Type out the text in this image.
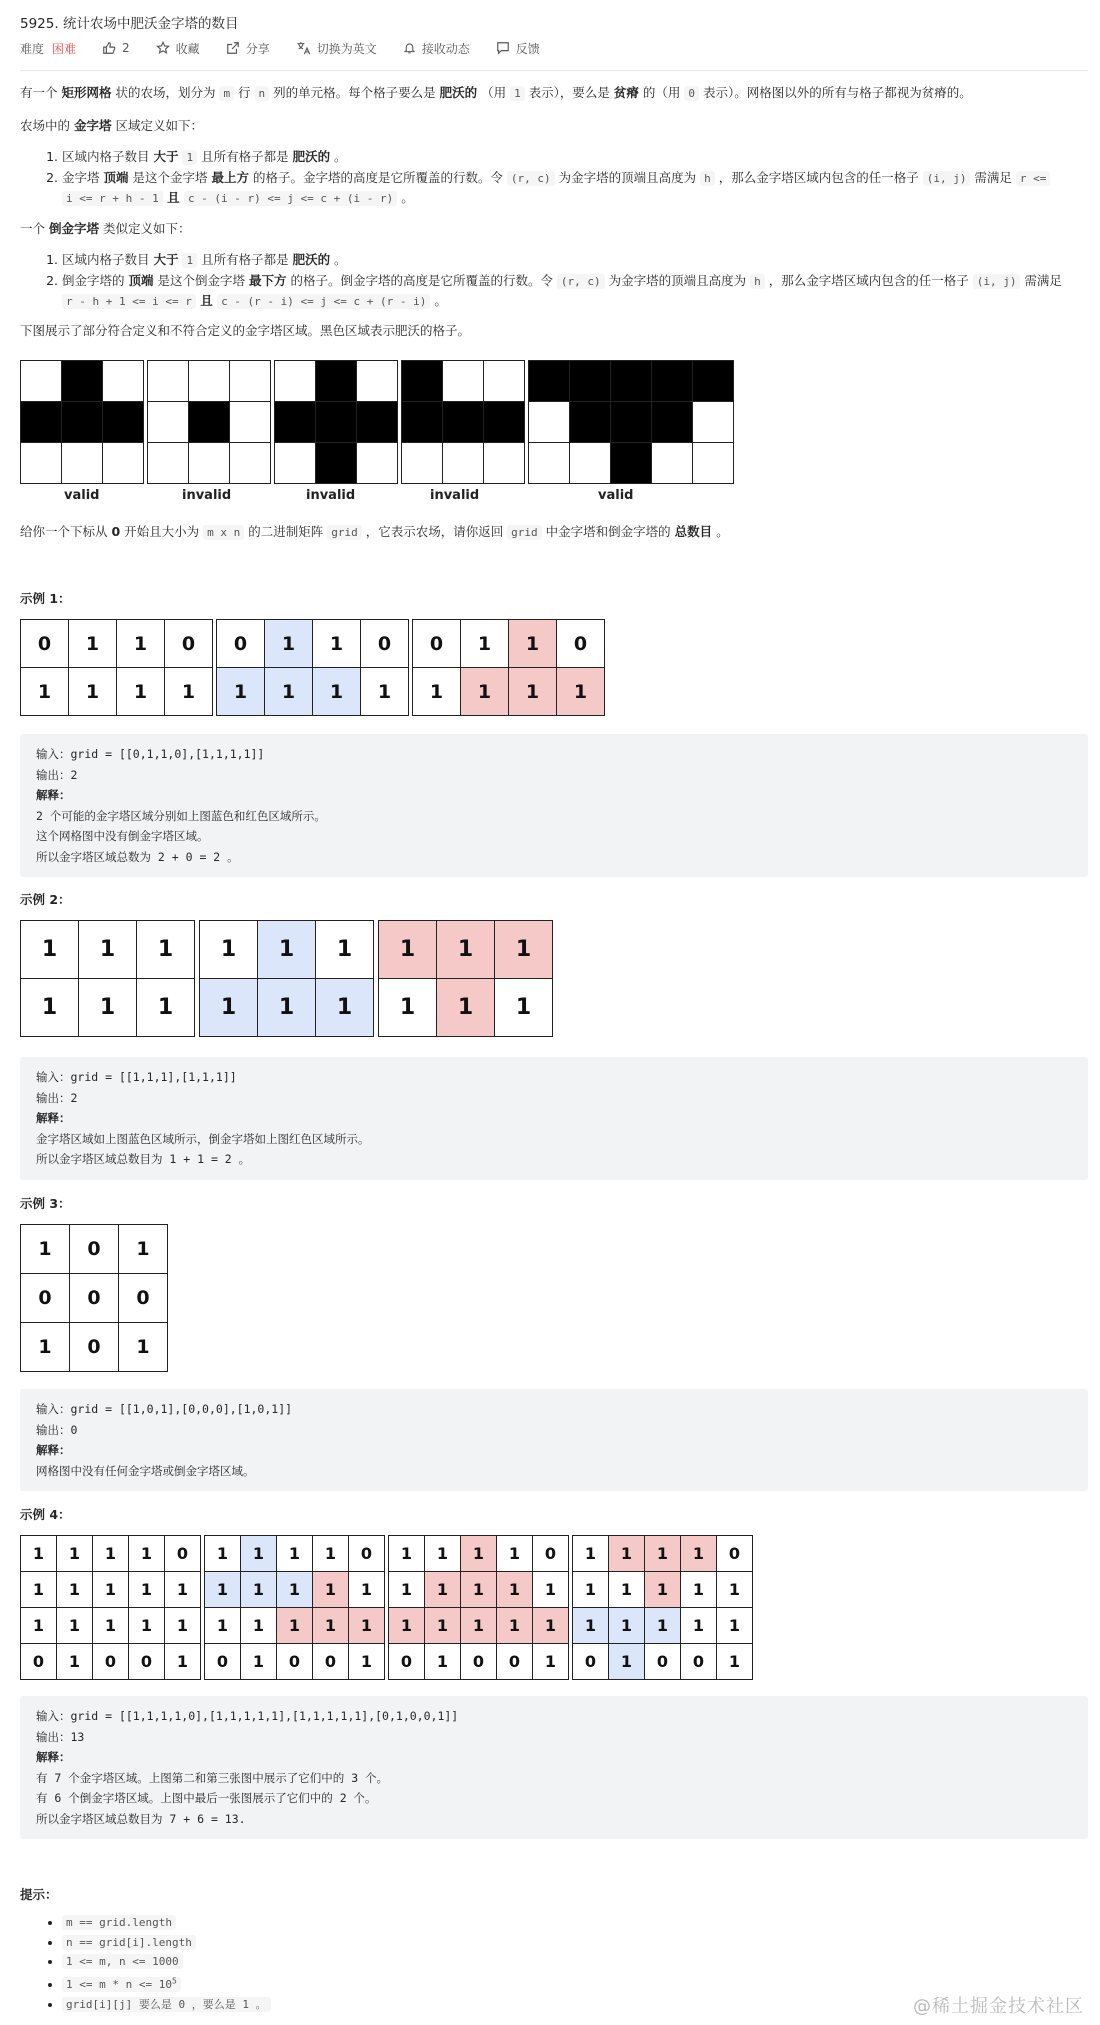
5925. 统计农场中肥沃金字塔的数目
难度 困难	2	收藏	分享	切换为英文	接收动态	反馈
有一个 矩形网格 状的农场，划分为 m 行 n 列的单元格。每个格子要么是 肥沃的 （用 1 表示），要么是 贫瘠 的（用 0 表示）。网格图以外的所有与格子都视为贫瘠的。
农场中的 金字塔 区域定义如下：
1. 区域内格子数目 大于 1 且所有格子都是 肥沃的 。
2. 金字塔 顶端 是这个金字塔 最上方 的格子。金字塔的高度是它所覆盖的行数。令 (r, c) 为金字塔的顶端且高度为 h ，那么金字塔区域内包含的任一格子 (i, j) 需满足 r <=
i <= r + h - 1 且 c - (i - r) <= j <= c + (i - r) 。
一个 倒金字塔 类似定义如下：
1. 区域内格子数目 大于 1 且所有格子都是 肥沃的 。
2. 倒金字塔的 顶端 是这个倒金字塔 最下方 的格子。倒金字塔的高度是它所覆盖的行数。令 (r, c) 为金字塔的顶端且高度为 h ，那么金字塔区域内包含的任一格子 (i, j) 需满足
r - h + 1 <= i <= r 且 c - (r - i) <= j <= c + (r - i) 。
下图展示了部分符合定义和不符合定义的金字塔区域。黑色区域表示肥沃的格子。

valid	invalid	invalid	invalid	valid
给你一个下标从 0 开始且大小为 m x n 的二进制矩阵 grid ，它表示农场，请你返回 grid 中金字塔和倒金字塔的 总数目 。
示例 1：
0	1	1	0
1	1	1	1
0	1	1	0
1	1	1	1
0	1	1	0
1	1	1	1
输入：grid = [[0,1,1,0],[1,1,1,1]]
输出：2
解释：
2 个可能的金字塔区域分别如上图蓝色和红色区域所示。
这个网格图中没有倒金字塔区域。
所以金字塔区域总数为 2 + 0 = 2 。
示例 2：
1	1	1
1	1	1
1	1	1
1	1	1
1	1	1
1	1	1
输入：grid = [[1,1,1],[1,1,1]]
输出：2
解释：
金字塔区域如上图蓝色区域所示，倒金字塔如上图红色区域所示。
所以金字塔区域总数目为 1 + 1 = 2 。
示例 3：
1	0	1
0	0	0
1	0	1
输入：grid = [[1,0,1],[0,0,0],[1,0,1]]
输出：0
解释：
网格图中没有任何金字塔或倒金字塔区域。
示例 4：
1	1	1	1	0
1	1	1	1	1
1	1	1	1	1
0	1	0	0	1
1	1	1	1	0
1	1	1	1	1
1	1	1	1	1
0	1	0	0	1
1	1	1	1	0
1	1	1	1	1
1	1	1	1	1
0	1	0	0	1
1	1	1	1	0
1	1	1	1	1
1	1	1	1	1
0	1	0	0	1
输入：grid = [[1,1,1,1,0],[1,1,1,1,1],[1,1,1,1,1],[0,1,0,0,1]]
输出：13
解释：
有 7 个金字塔区域。上图第二和第三张图中展示了它们中的 3 个。
有 6 个倒金字塔区域。上图中最后一张图展示了它们中的 2 个。
所以金字塔区域总数目为 7 + 6 = 13.
提示：
• m == grid.length
• n == grid[i].length
• 1 <= m, n <= 1000
• $1 <= m * n <= 10^5$
• grid[i][j] 要么是 0 ，要么是 1 。	@稀土掘金技术社区
